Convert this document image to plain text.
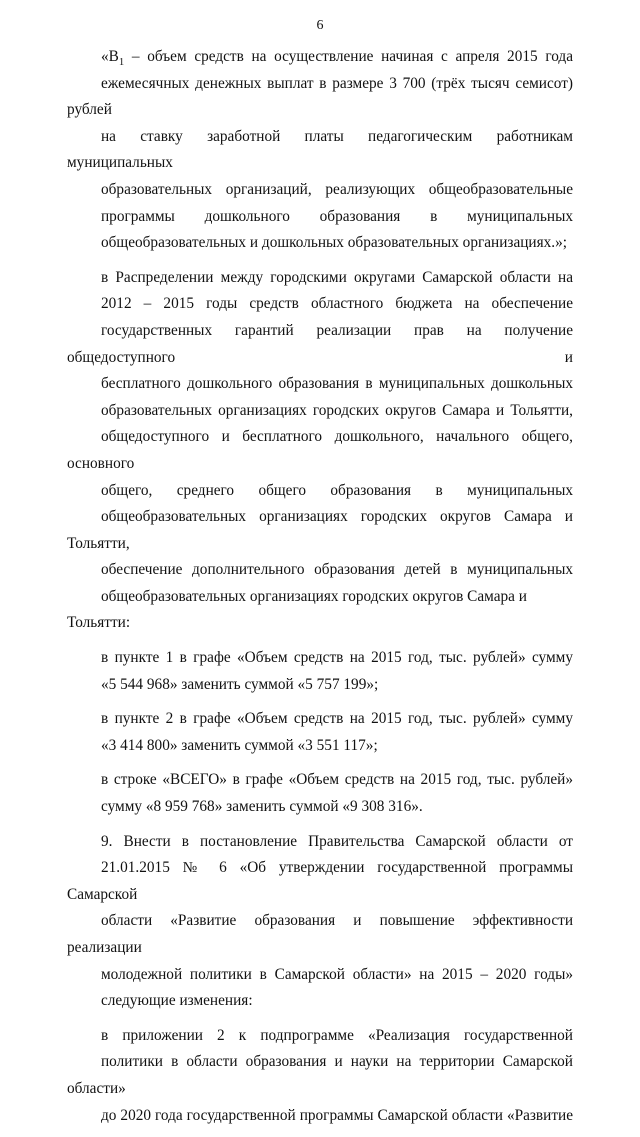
6

«$В_1$ – объем средств на осуществление начиная с апреля 2015 года
ежемесячных денежных выплат в размере 3 700 (трёх тысяч семисот) рублей
на ставку заработной платы педагогическим работникам муниципальных
образовательных организаций, реализующих общеобразовательные
программы дошкольного образования в муниципальных
общеобразовательных и дошкольных образовательных организациях.»;

в Распределении между городскими округами Самарской области на
2012 – 2015 годы средств областного бюджета на обеспечение
государственных гарантий реализации прав на получение общедоступного и
бесплатного дошкольного образования в муниципальных дошкольных
образовательных организациях городских округов Самара и Тольятти,
общедоступного и бесплатного дошкольного, начального общего, основного
общего, среднего общего образования в муниципальных
общеобразовательных организациях городских округов Самара и Тольятти,
обеспечение дополнительного образования детей в муниципальных
общеобразовательных организациях городских округов Самара и Тольятти:

в пункте 1 в графе «Объем средств на 2015 год, тыс. рублей» сумму
«5 544 968» заменить суммой «5 757 199»;

в пункте 2 в графе «Объем средств на 2015 год, тыс. рублей» сумму
«3 414 800» заменить суммой «3 551 117»;

в строке «ВСЕГО» в графе «Объем средств на 2015 год, тыс. рублей»
сумму «8 959 768» заменить суммой «9 308 316».

9. Внести в постановление Правительства Самарской области от
21.01.2015 № 6 «Об утверждении государственной программы Самарской
области «Развитие образования и повышение эффективности реализации
молодежной политики в Самарской области» на 2015 – 2020 годы»
следующие изменения:

в приложении 2 к подпрограмме «Реализация государственной
политики в области образования и науки на территории Самарской области»
до 2020 года государственной программы Самарской области «Развитие
